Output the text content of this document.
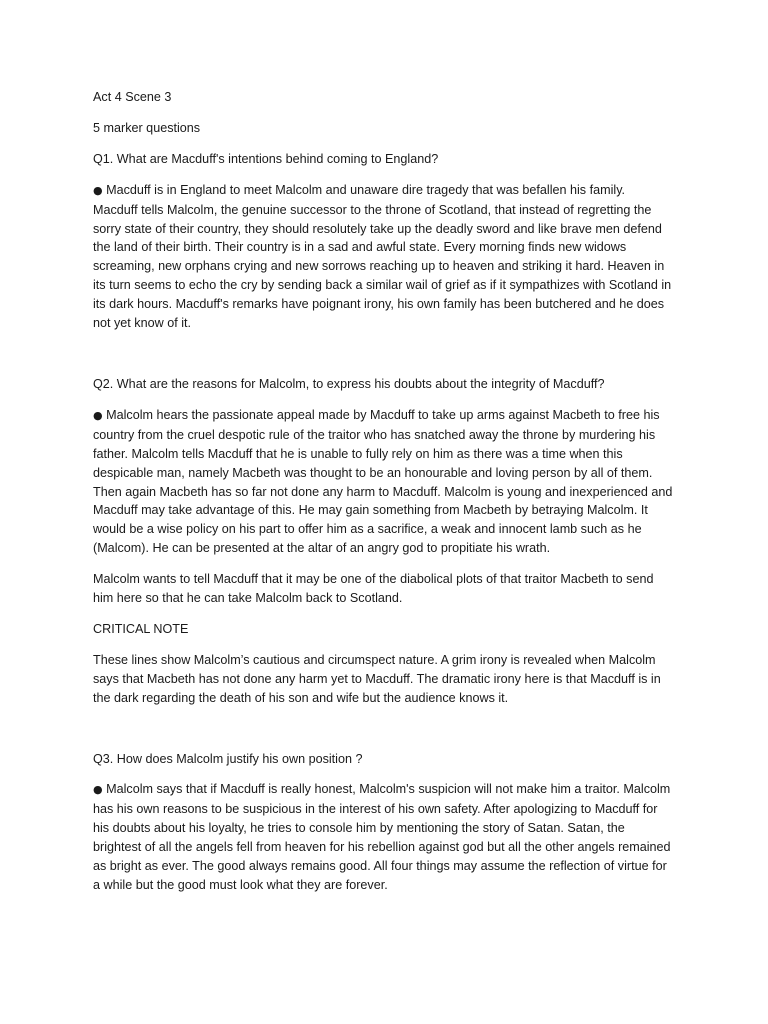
Act 4 Scene 3

5 marker questions

Q1. What are Macduff's intentions behind coming to England?

● Macduff is in England to meet Malcolm and unaware dire tragedy that was befallen his family. Macduff tells Malcolm, the genuine successor to the throne of Scotland, that instead of regretting the sorry state of their country, they should resolutely take up the deadly sword and like brave men defend the land of their birth. Their country is in a sad and awful state. Every morning finds new widows screaming, new orphans crying and new sorrows reaching up to heaven and striking it hard. Heaven in its turn seems to echo the cry by sending back a similar wail of grief as if it sympathizes with Scotland in its dark hours. Macduff's remarks have poignant irony, his own family has been butchered and he does not yet know of it.

Q2. What are the reasons for Malcolm, to express his doubts about the integrity of Macduff?

● Malcolm hears the passionate appeal made by Macduff to take up arms against Macbeth to free his country from the cruel despotic rule of the traitor who has snatched away the throne by murdering his father. Malcolm tells Macduff that he is unable to fully rely on him as there was a time when this despicable man, namely Macbeth was thought to be an honourable and loving person by all of them. Then again Macbeth has so far not done any harm to Macduff. Malcolm is young and inexperienced and Macduff may take advantage of this. He may gain something from Macbeth by betraying Malcolm. It would be a wise policy on his part to offer him as a sacrifice, a weak and innocent lamb such as he (Malcom). He can be presented at the altar of an angry god to propitiate his wrath.

Malcolm wants to tell Macduff that it may be one of the diabolical plots of that traitor Macbeth to send him here so that he can take Malcolm back to Scotland.

CRITICAL NOTE

These lines show Malcolm’s cautious and circumspect nature. A grim irony is revealed when Malcolm says that Macbeth has not done any harm yet to Macduff. The dramatic irony here is that Macduff is in the dark regarding the death of his son and wife but the audience knows it.

Q3. How does Malcolm justify his own position ?

● Malcolm says that if Macduff is really honest, Malcolm's suspicion will not make him a traitor. Malcolm has his own reasons to be suspicious in the interest of his own safety. After apologizing to Macduff for his doubts about his loyalty, he tries to console him by mentioning the story of Satan. Satan, the brightest of all the angels fell from heaven for his rebellion against god but all the other angels remained as bright as ever. The good always remains good. All four things may assume the reflection of virtue for a while but the good must look what they are forever.
